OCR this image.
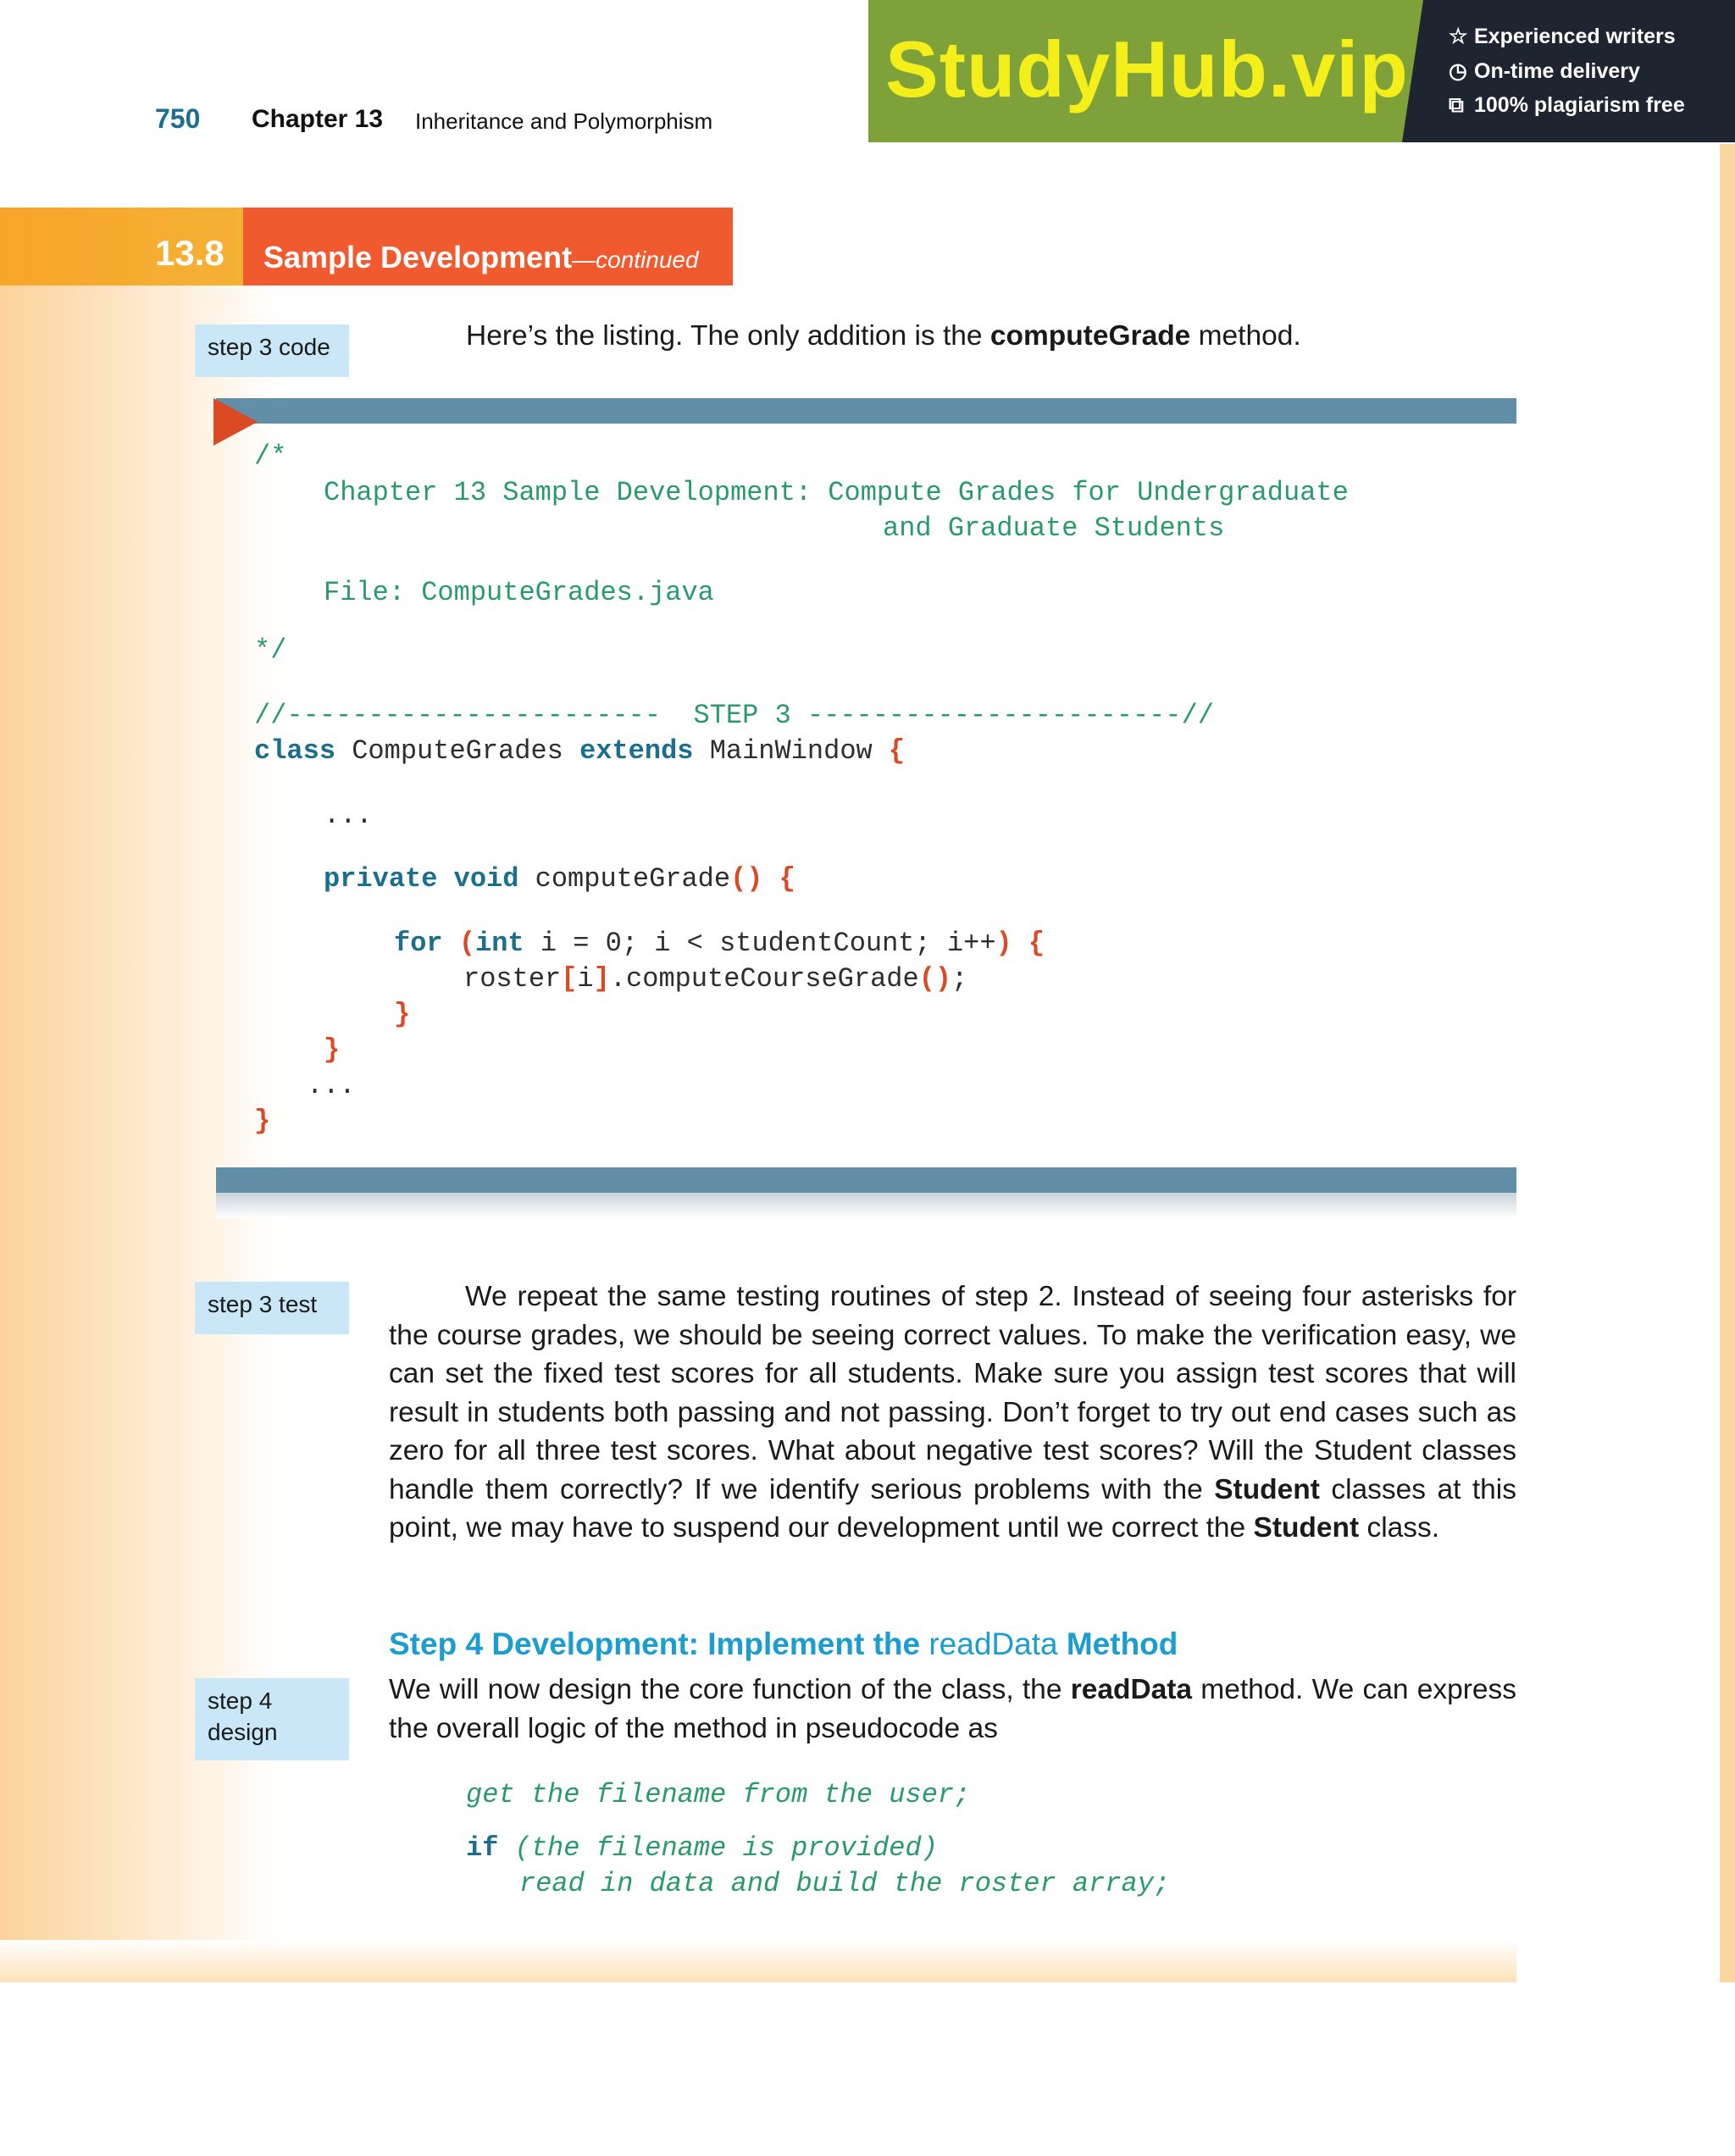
750 Chapter 13 Inheritance and Polymorphism
StudyHub.vip ☆ Experienced writers
◷ On-time delivery
⧉ 100% plagiarism free
13.8 Sample Development—continued
step 3 code	Here’s the listing. The only addition is the computeGrade method.
/*
Chapter 13 Sample Development: Compute Grades for Undergraduate
and Graduate Students
File: ComputeGrades.java
*/
//-----------------------  STEP 3 -----------------------//
class ComputeGrades extends MainWindow {
...
private void computeGrade() {
for (int i = 0; i < studentCount; i++) {
roster[i].computeCourseGrade();
}
}
...
}
step 3 test	We repeat the same testing routines of step 2. Instead of seeing four asterisks for the course grades, we should be seeing correct values. To make the verification easy, we can set the fixed test scores for all students. Make sure you assign test scores that will result in students both passing and not passing. Don’t forget to try out end cases such as zero for all three test scores. What about negative test scores? Will the Student classes handle them correctly? If we identify serious problems with the Student classes at this point, we may have to suspend our development until we correct the Student class.
Step 4 Development: Implement the readData Method
step 4
design
We will now design the core function of the class, the readData method. We can express the overall logic of the method in pseudocode as
get the filename from the user;
if (the filename is provided)
read in data and build the roster array;
